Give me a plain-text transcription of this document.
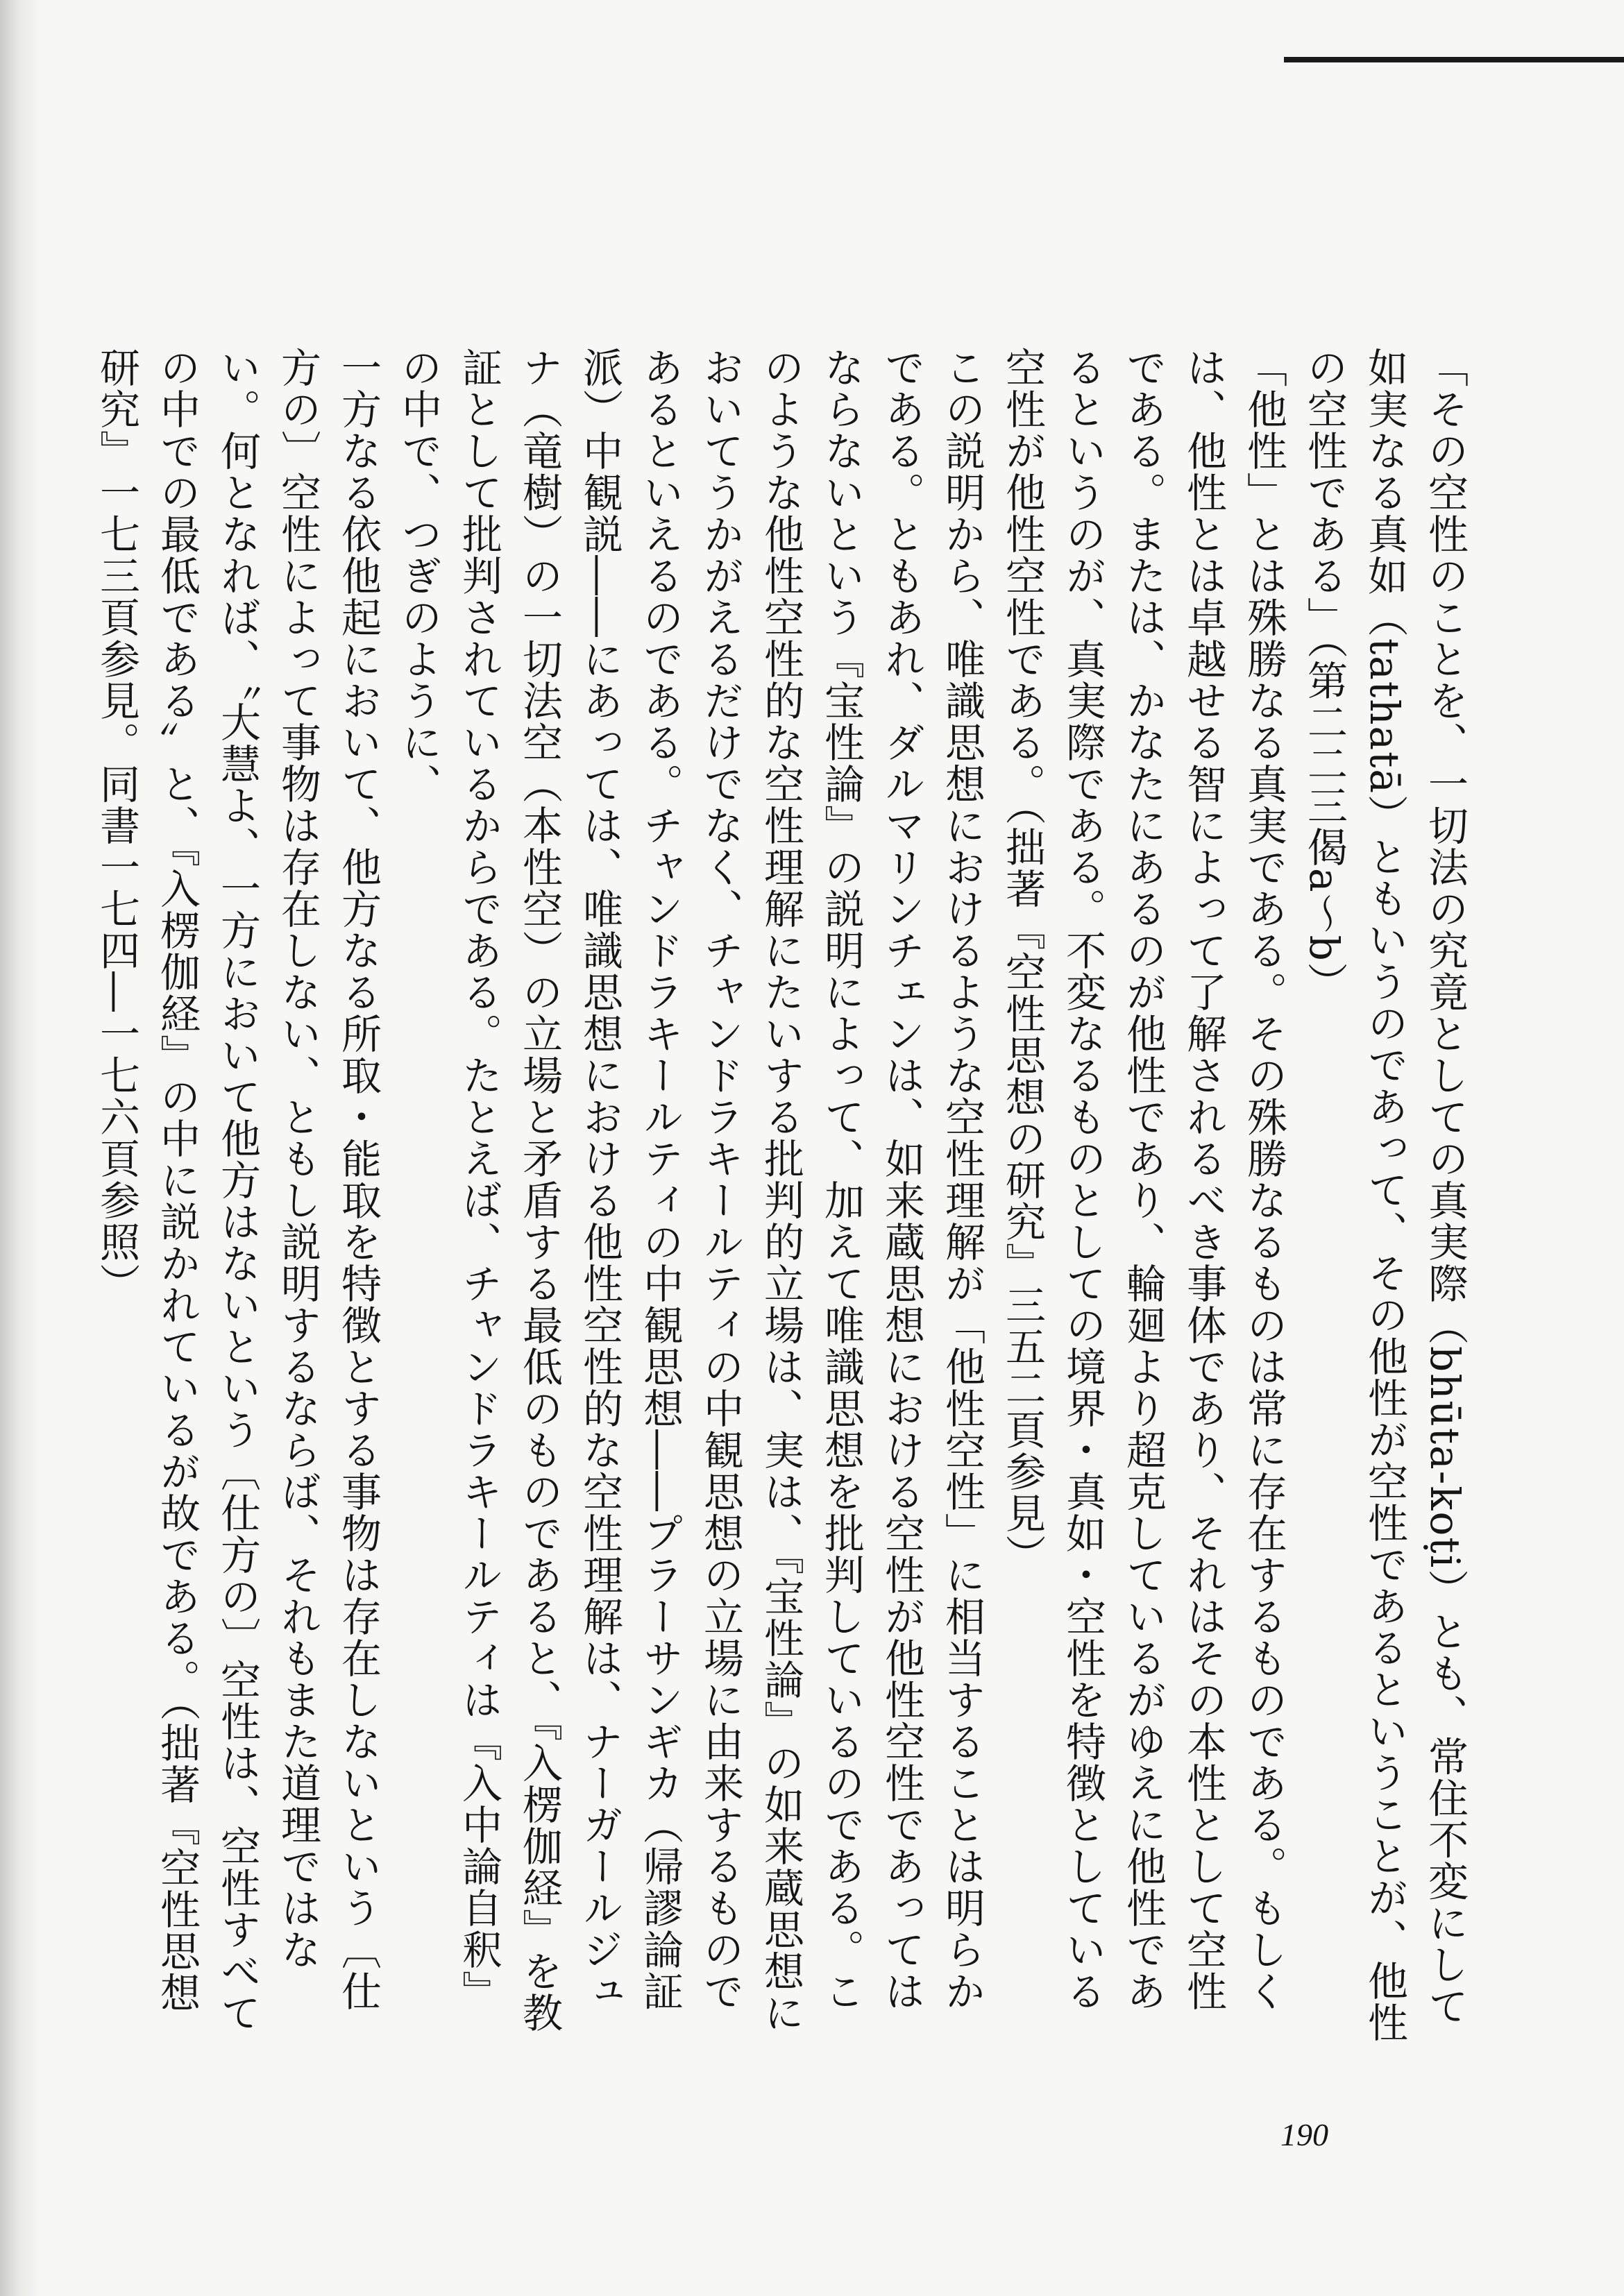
「その空性のことを、一切法の究竟としての真実際（bhūta-koṭi）とも、常住不変にして如実なる真如（tathatā）ともいうのであって、その他性が空性であるということが、他性の空性である」（第二二三偈a〜b）

「他性」とは殊勝なる真実である。その殊勝なるものは常に存在するものである。もしくは、他性とは卓越せる智によって了解されるべき事体であり、それはその本性として空性である。または、かなたにあるのが他性であり、輪廻より超克しているがゆえに他性であるというのが、真実際である。不変なるものとしての境界・真如・空性を特徴としている空性が他性空性である。（拙著『空性思想の研究』三五二頁参見）

この説明から、唯識思想におけるような空性理解が「他性空性」に相当することは明らかである。ともあれ、ダルマリンチェンは、如来蔵思想における空性が他性空性であってはならないという『宝性論』の説明によって、加えて唯識思想を批判しているのである。このような他性空性的な空性理解にたいする批判的立場は、実は、『宝性論』の如来蔵思想においてうかがえるだけでなく、チャンドラキールティの中観思想の立場に由来するものであるといえるのである。チャンドラキールティの中観思想――プラーサンギカ（帰謬論証派）中観説――にあっては、唯識思想における他性空性的な空性理解は、ナーガールジュナ（竜樹）の一切法空（本性空）の立場と矛盾する最低のものであると、『入楞伽経』を教証として批判されているからである。たとえば、チャンドラキールティは『入中論自釈』の中で、つぎのように、

一方なる依他起において、他方なる所取・能取を特徴とする事物は存在しないという〔仕方の〕空性によって事物は存在しない、ともし説明するならば、それもまた道理ではない。何となれば、〝大慧よ、一方において他方はないという〔仕方の〕空性は、空性すべての中での最低である〟と、『入楞伽経』の中に説かれているが故である。（拙著『空性思想研究』一七三頁参見。同書一七四―一七六頁参照）

190
